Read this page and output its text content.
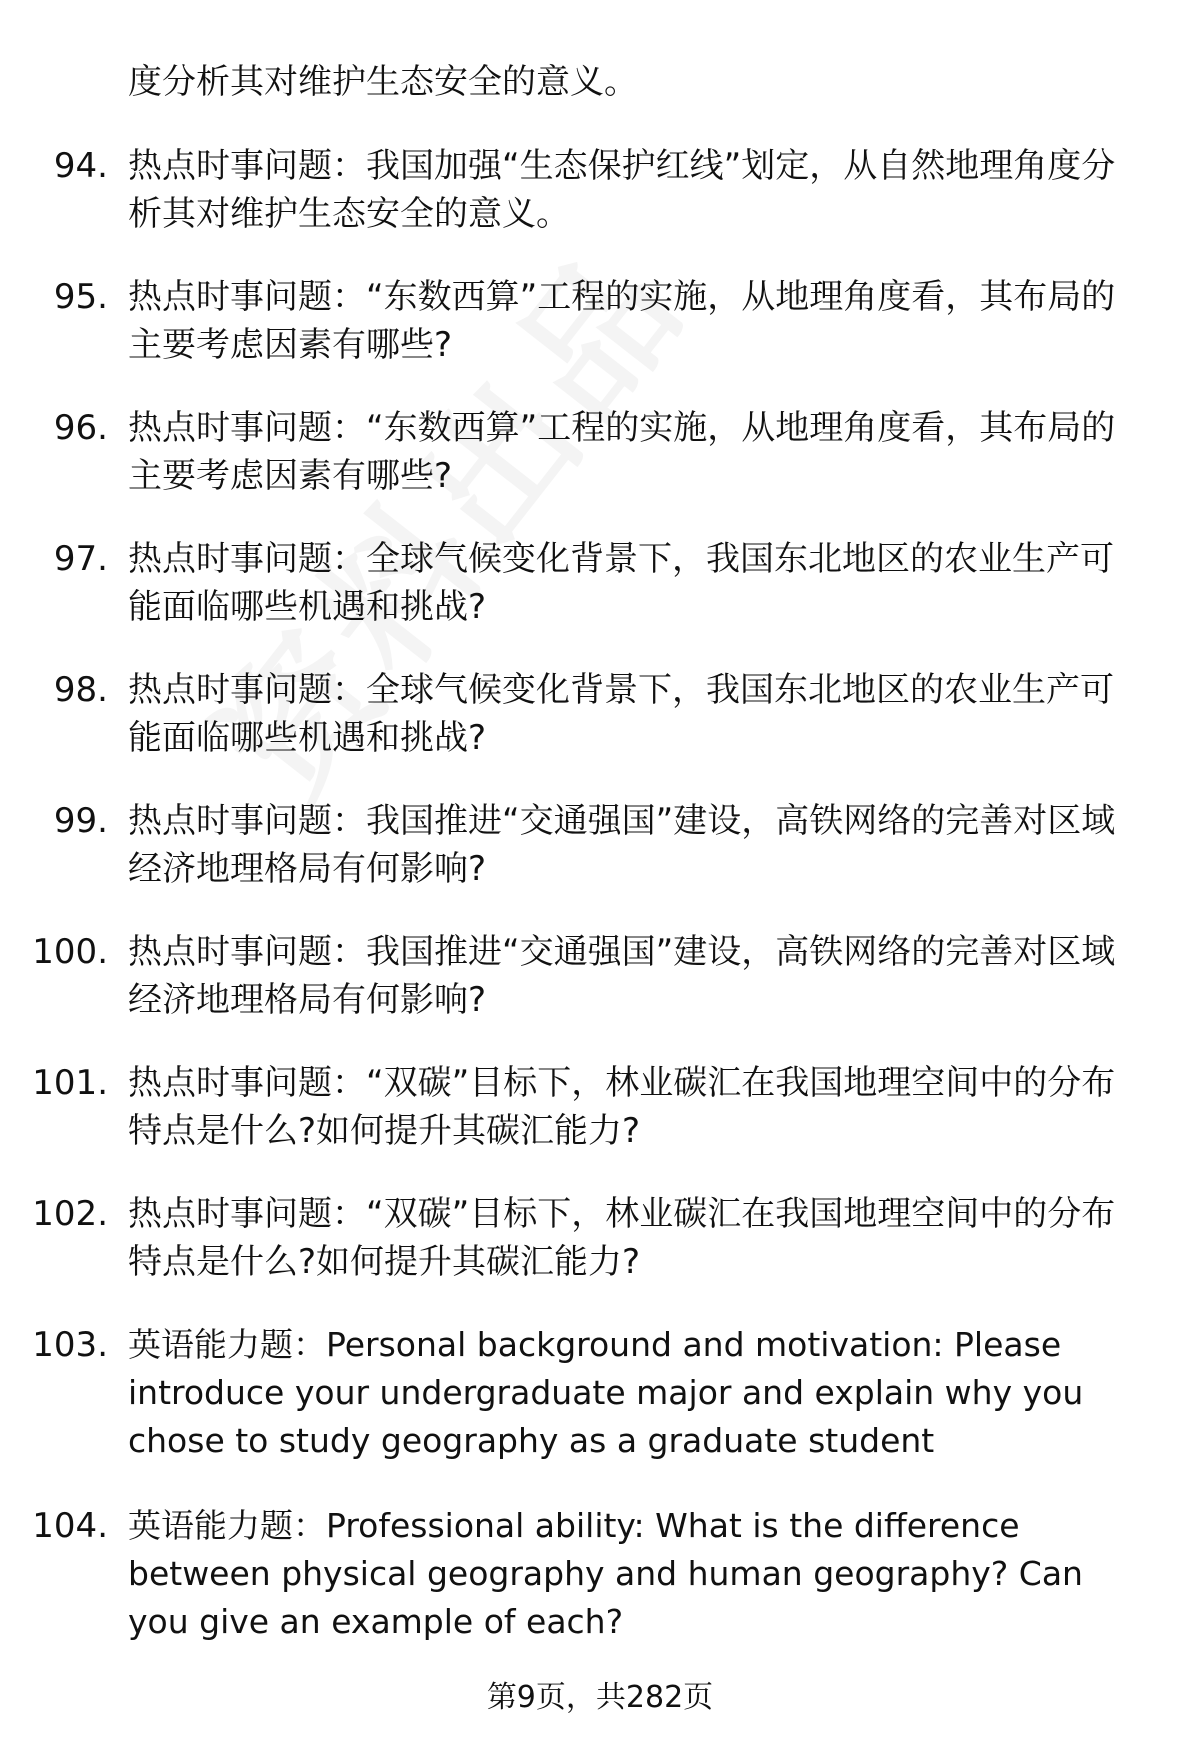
度分析其对维护生态安全的意义。
94. 热点时事问题：我国加强“生态保护红线”划定，从自然地理角度分析其对维护生态安全的意义。
95. 热点时事问题：“东数西算”工程的实施，从地理角度看，其布局的主要考虑因素有哪些?
96. 热点时事问题：“东数西算”工程的实施，从地理角度看，其布局的主要考虑因素有哪些?
97. 热点时事问题：全球气候变化背景下，我国东北地区的农业生产可能面临哪些机遇和挑战?
98. 热点时事问题：全球气候变化背景下，我国东北地区的农业生产可能面临哪些机遇和挑战?
99. 热点时事问题：我国推进“交通强国”建设，高铁网络的完善对区域经济地理格局有何影响?
100. 热点时事问题：我国推进“交通强国”建设，高铁网络的完善对区域经济地理格局有何影响?
101. 热点时事问题：“双碳”目标下，林业碳汇在我国地理空间中的分布特点是什么?如何提升其碳汇能力?
102. 热点时事问题：“双碳”目标下，林业碳汇在我国地理空间中的分布特点是什么?如何提升其碳汇能力?
103. 英语能力题：Personal background and motivation: Please introduce your undergraduate major and explain why you chose to study geography as a graduate student
104. 英语能力题：Professional ability: What is the difference between physical geography and human geography? Can you give an example of each?
第9页，共282页
